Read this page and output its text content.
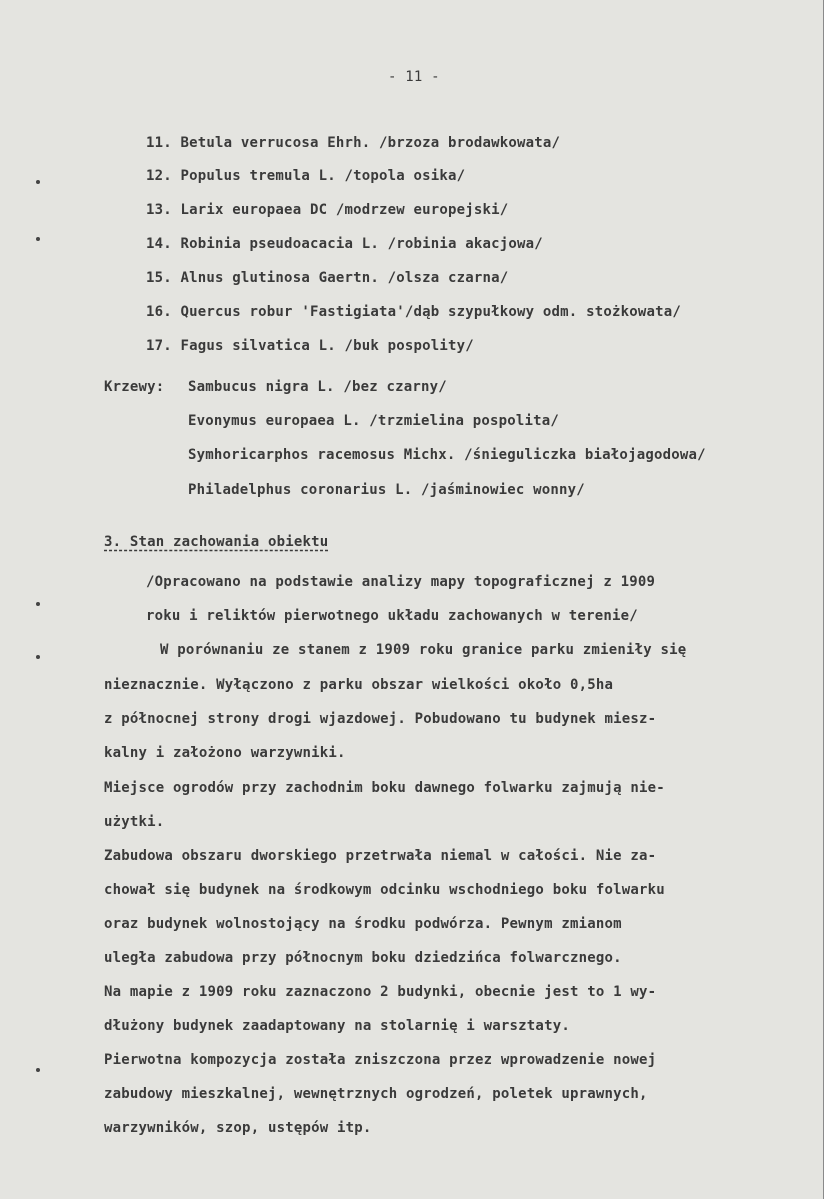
- 11 -
11. Betula verrucosa Ehrh. /brzoza brodawkowata/
12. Populus tremula L. /topola osika/
13. Larix europaea DC /modrzew europejski/
14. Robinia pseudoacacia L. /robinia akacjowa/
15. Alnus glutinosa Gaertn. /olsza czarna/
16. Quercus robur 'Fastigiata'/dąb szypułkowy odm. stożkowata/
17. Fagus silvatica L. /buk pospolity/
Krzewy: Sambucus nigra L. /bez czarny/
Evonymus europaea L. /trzmielina pospolita/
Symhoricarphos racemosus Michx. /śnieguliczka białojagodowa/
Philadelphus coronarius L. /jaśminowiec wonny/
3. Stan zachowania obiektu
/Opracowano na podstawie analizy mapy topograficznej z 1909
roku i reliktów pierwotnego układu zachowanych w terenie/
W porównaniu ze stanem z 1909 roku granice parku zmieniły się
nieznacznie. Wyłączono z parku obszar wielkości około 0,5ha
z północnej strony drogi wjazdowej. Pobudowano tu budynek miesz-
kalny i założono warzywniki.
Miejsce ogrodów przy zachodnim boku dawnego folwarku zajmują nie-
użytki.
Zabudowa obszaru dworskiego przetrwała niemal w całości. Nie za-
chował się budynek na środkowym odcinku wschodniego boku folwarku
oraz budynek wolnostojący na środku podwórza. Pewnym zmianom
uległa zabudowa przy północnym boku dziedzińca folwarcznego.
Na mapie z 1909 roku zaznaczono 2 budynki, obecnie jest to 1 wy-
dłużony budynek zaadaptowany na stolarnię i warsztaty.
Pierwotna kompozycja została zniszczona przez wprowadzenie nowej
zabudowy mieszkalnej, wewnętrznych ogrodzeń, poletek uprawnych,
warzywników, szop, ustępów itp.
